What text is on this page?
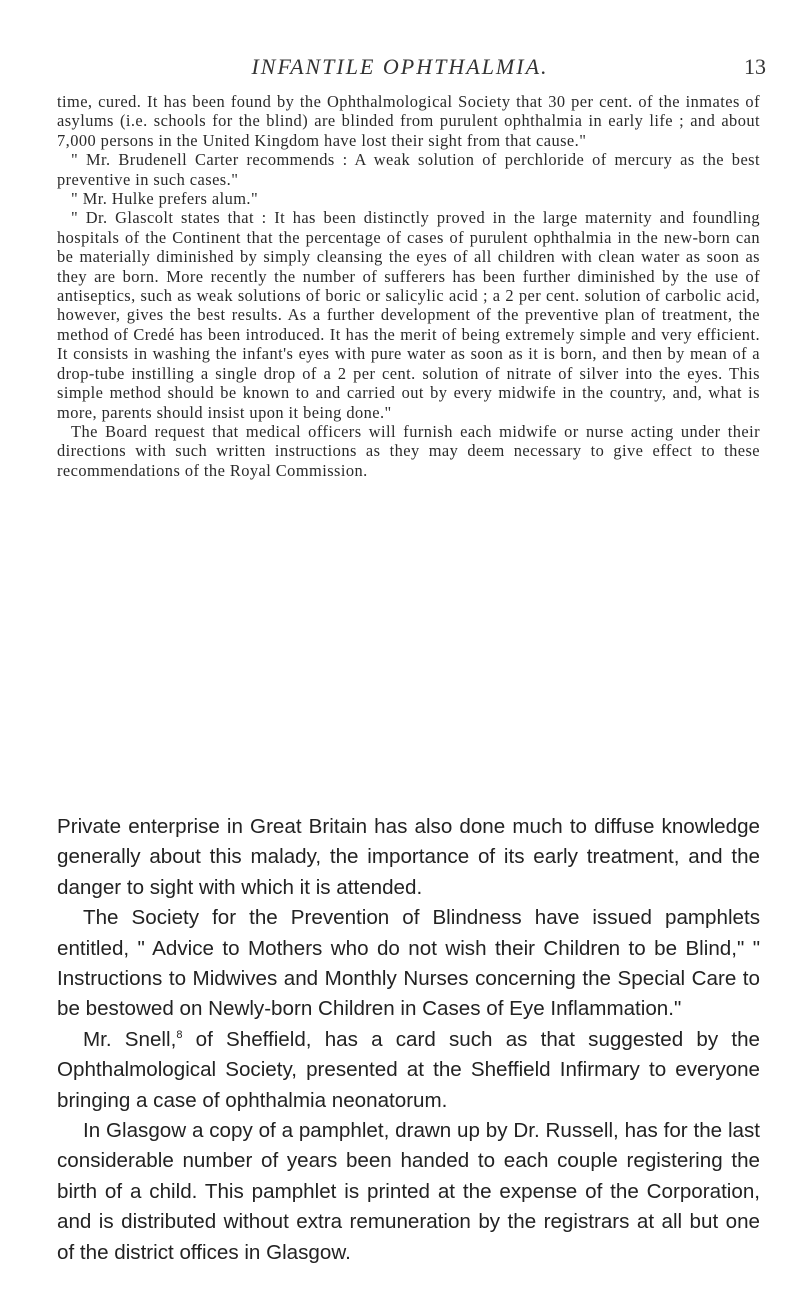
INFANTILE OPHTHALMIA.	13

time, cured. It has been found by the Ophthalmological Society that 30 per cent. of the inmates of asylums (i.e. schools for the blind) are blinded from purulent ophthalmia in early life ; and about 7,000 persons in the United Kingdom have lost their sight from that cause."

" Mr. Brudenell Carter recommends : A weak solution of perchloride of mercury as the best preventive in such cases."

" Mr. Hulke prefers alum."

" Dr. Glascolt states that : It has been distinctly proved in the large maternity and foundling hospitals of the Continent that the percentage of cases of purulent ophthalmia in the new-born can be materially diminished by simply cleansing the eyes of all children with clean water as soon as they are born. More recently the number of sufferers has been further diminished by the use of antiseptics, such as weak solutions of boric or salicylic acid ; a 2 per cent. solution of carbolic acid, however, gives the best results. As a further development of the preventive plan of treatment, the method of Credé has been introduced. It has the merit of being extremely simple and very efficient. It consists in washing the infant's eyes with pure water as soon as it is born, and then by mean of a drop-tube instilling a single drop of a 2 per cent. solution of nitrate of silver into the eyes. This simple method should be known to and carried out by every midwife in the country, and, what is more, parents should insist upon it being done."

The Board request that medical officers will furnish each midwife or nurse acting under their directions with such written instructions as they may deem necessary to give effect to these recommendations of the Royal Commission.

Private enterprise in Great Britain has also done much to diffuse knowledge generally about this malady, the importance of its early treatment, and the danger to sight with which it is attended.

The Society for the Prevention of Blindness have issued pamphlets entitled, " Advice to Mothers who do not wish their Children to be Blind," " Instructions to Midwives and Monthly Nurses concerning the Special Care to be bestowed on Newly-born Children in Cases of Eye Inflammation."

Mr. Snell,$^8$ of Sheffield, has a card such as that suggested by the Ophthalmological Society, presented at the Sheffield Infirmary to everyone bringing a case of ophthalmia neonatorum.

In Glasgow a copy of a pamphlet, drawn up by Dr. Russell, has for the last considerable number of years been handed to each couple registering the birth of a child. This pamphlet is printed at the expense of the Corporation, and is distributed without extra remuneration by the registrars at all but one of the district offices in Glasgow.
